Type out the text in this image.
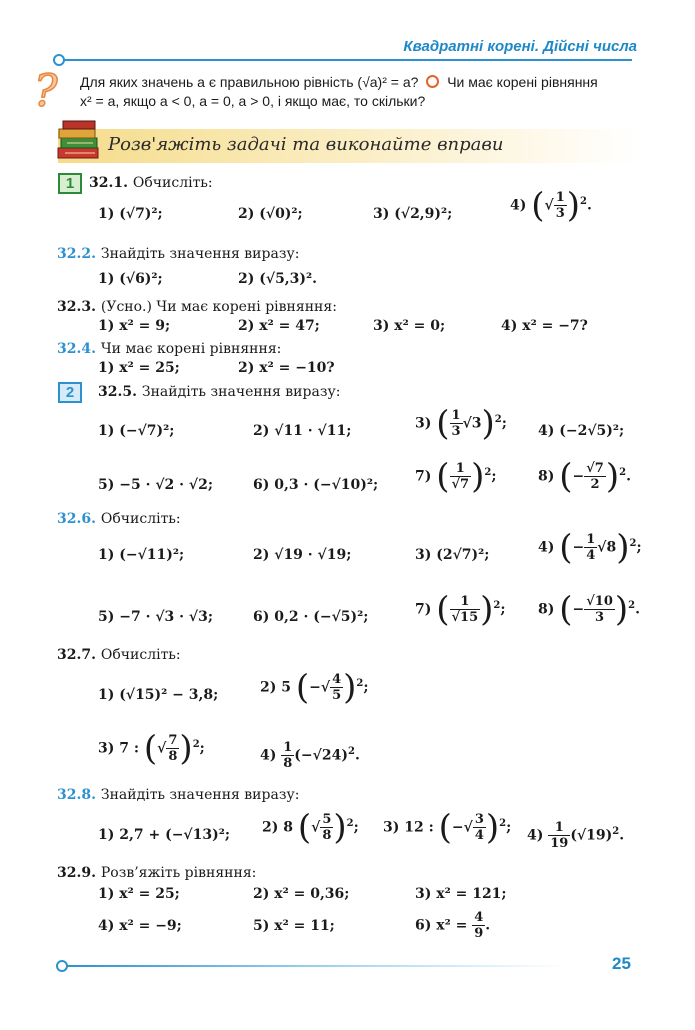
Квадратні корені. Дійсні числа
? Для яких значень a є правильною рівність (√a)² = a? Чи має корені рівняння
x² = a, якщо a < 0, a = 0, a > 0, і якщо має, то скільки?
Розв'яжіть задачі та виконайте вправи
1	32.1. Обчисліть:
1) (√7)²;	2) (√0)²;	3) (√2,9)²;
4) (√ $\frac{1}{3} )^2$.
32.2. Знайдіть значення виразу:
1) (√6)²;	2) (√5,3)².
32.3. (Усно.) Чи має корені рівняння:
1) x² = 9;	2) x² = 47;	3) x² = 0;	4) x² = −7?
32.4. Чи має корені рівняння:
1) x² = 25;	2) x² = −10?
2	32.5. Знайдіть значення виразу:
1) (−√7)²;	2) √11 · √11;	3) ( $\frac{1}{3} √3)^2$; 4) (−2√5)²;
5) −5 · √2 · √2;	6) 0,3 · (−√10)²;
7) ( $\frac{1}{√7} )^2$;	8) (− $\frac{√7}{2} )^2$.
32.6. Обчисліть:
1) (−√11)²;	2) √19 · √19;	3) (2√7)²;	4) (− $\frac{1}{4} √8)^2$;
5) −7 · √3 · √3;	6) 0,2 · (−√5)²;	7) ( $\frac{1}{√15} )^2$; 8) (− $\frac{√10}{3} )^2$.
32.7. Обчисліть:
1) (√15)² − 3,8;	2) 5 (−√ $\frac{4}{5} )^2$;
3) 7 : (√ $\frac{7}{8} )^2$;	$4) \frac{1}{8} (-√24)^2$.
32.8. Знайдіть значення виразу:
1) 2,7 + (−√13)²; 2) 8 (√ $\frac{5}{8} )^2$; 3) 12 : (−√ $\frac{3}{4} )^2$; $4) \frac{1}{19} (√19)^2$.
32.9. Розв’яжіть рівняння:
1) x² = 25;	2) x² = 0,36;	3) x² = 121;
4) x² = −9;	5) x² = 11;	6) $x^2 = \frac{4}{9}$ .
25
